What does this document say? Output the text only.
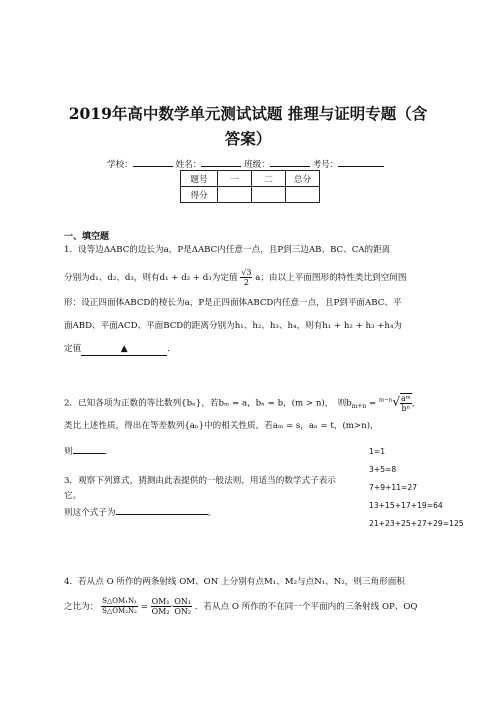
2019年高中数学单元测试试题 推理与证明专题（含
答案）
学校：	姓名：	班级：	考号：
题号	一	二	总分
得分			
一、填空题
1．设等边ΔABC的边长为a，P是ΔABC内任意一点，且P到三边AB、BC、CA的距离
分别为d₁、d₂、d₃，则有d₁ + d₂ + d₃为定值 $\frac{√3}{2}$ a；由以上平面图形的特性类比到空间图
形：设正四面体ABCD的棱长为a，P是正四面体ABCD内任意一点，且P到平面ABC、平
面ABD、平面ACD、平面BCD的距离分别为h₁、h₂、h₃、h₄，则有h₁ + h₂ + h₃ +h₄为
定值	▲	．
2．已知各项为正数的等比数列{bₙ}，若bₘ = a，bₙ = b，(m > n)，　则$b_{m+n} = ^{m-n}√ \frac{\text{aᵐ}}{\text{bⁿ}}$ ，
类比上述性质，得出在等差数列{aₙ}中的相关性质，若aₘ = s，aₙ = t，(m>n)，
则	．
3．观察下列算式，猜测由此表提供的一般法则，用适当的数学式子表示
它。
则这个式子为	。
1=1
3+5=8
7+9+11=27
13+15+17+19=64
21+23+25+27+29=125
4．若从点 O 所作的两条射线 OM、ON 上分别有点M₁、M₂与点N₁、N₂，则三角形面积
之比为： $\frac{\text{S△OM₁N₁}}{\text{S△OM₂N₂}} = \frac{\text{OM₁}}{\text{OM₂}} \cdot \frac{\text{ON₁}}{\text{ON₂}}$ ．若从点 O 所作的不在同一个平面内的三条射线 OP、OQ
